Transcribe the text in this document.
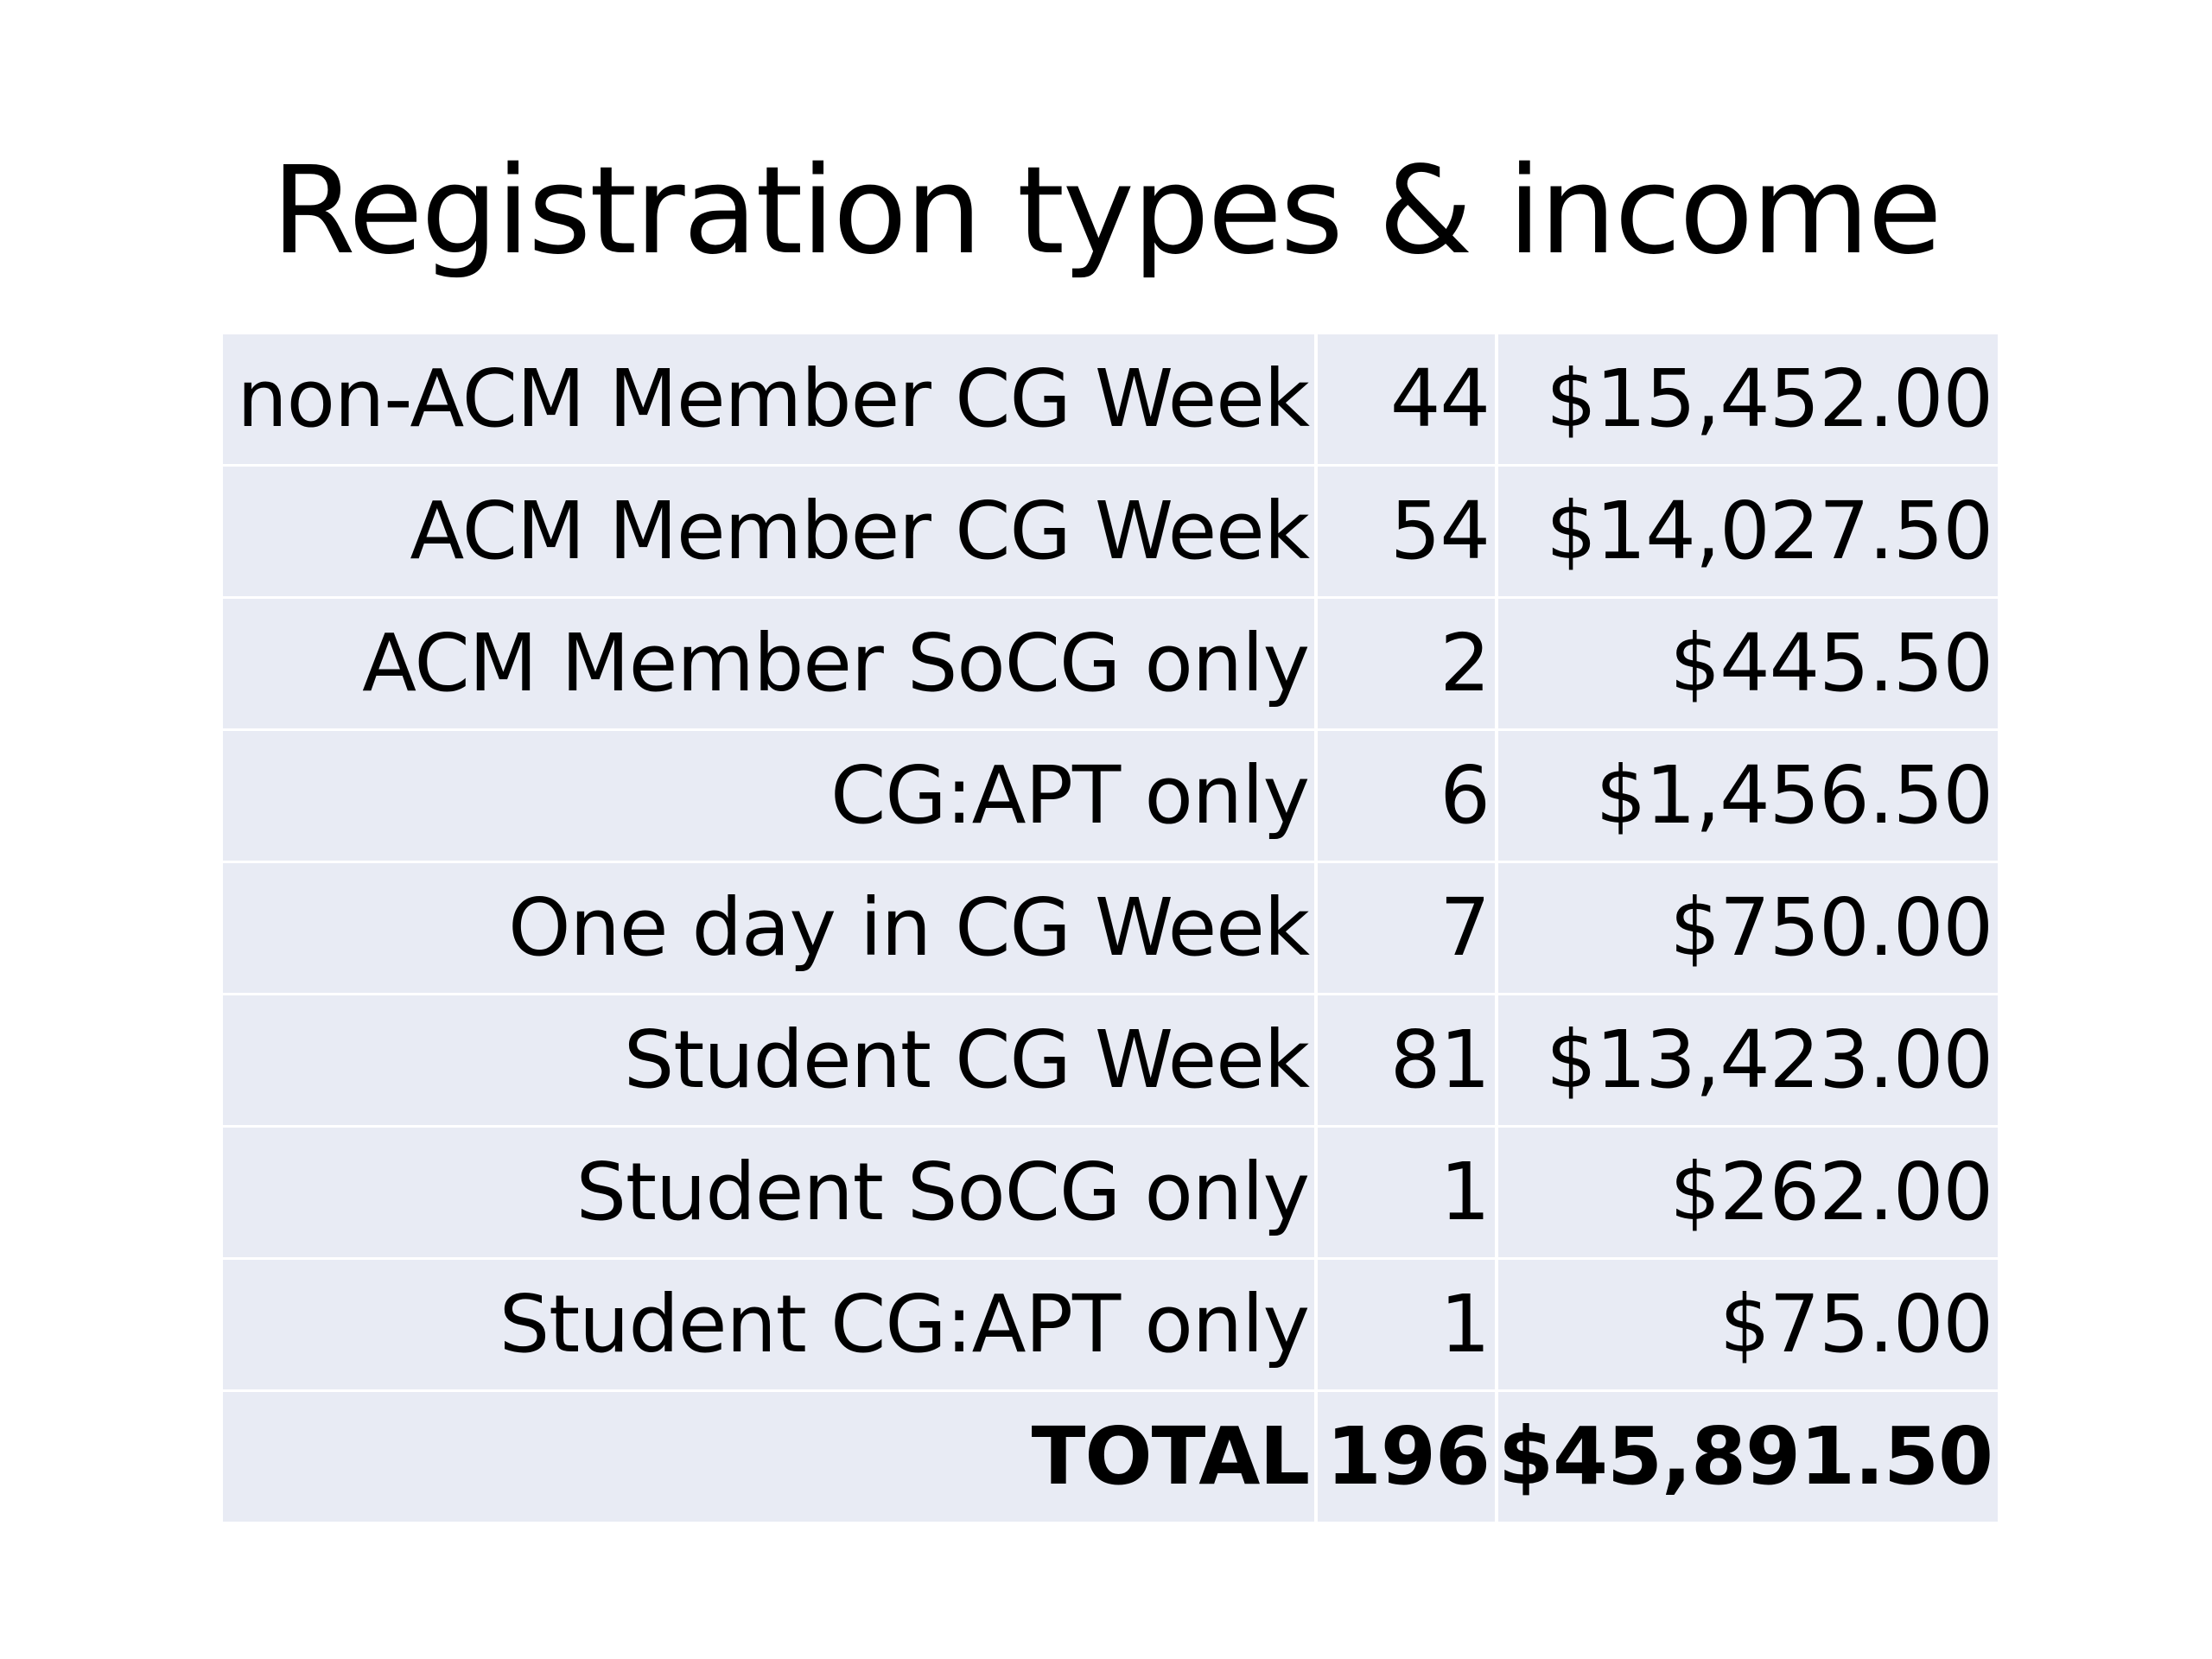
Registration types & income
non-ACM Member CG Week	44	$15,452.00
ACM Member CG Week	54	$14,027.50
ACM Member SoCG only	2	$445.50
CG:APT only	6	$1,456.50
One day in CG Week	7	$750.00
Student CG Week	81	$13,423.00
Student SoCG only	1	$262.00
Student CG:APT only	1	$75.00
TOTAL	196	$45,891.50
